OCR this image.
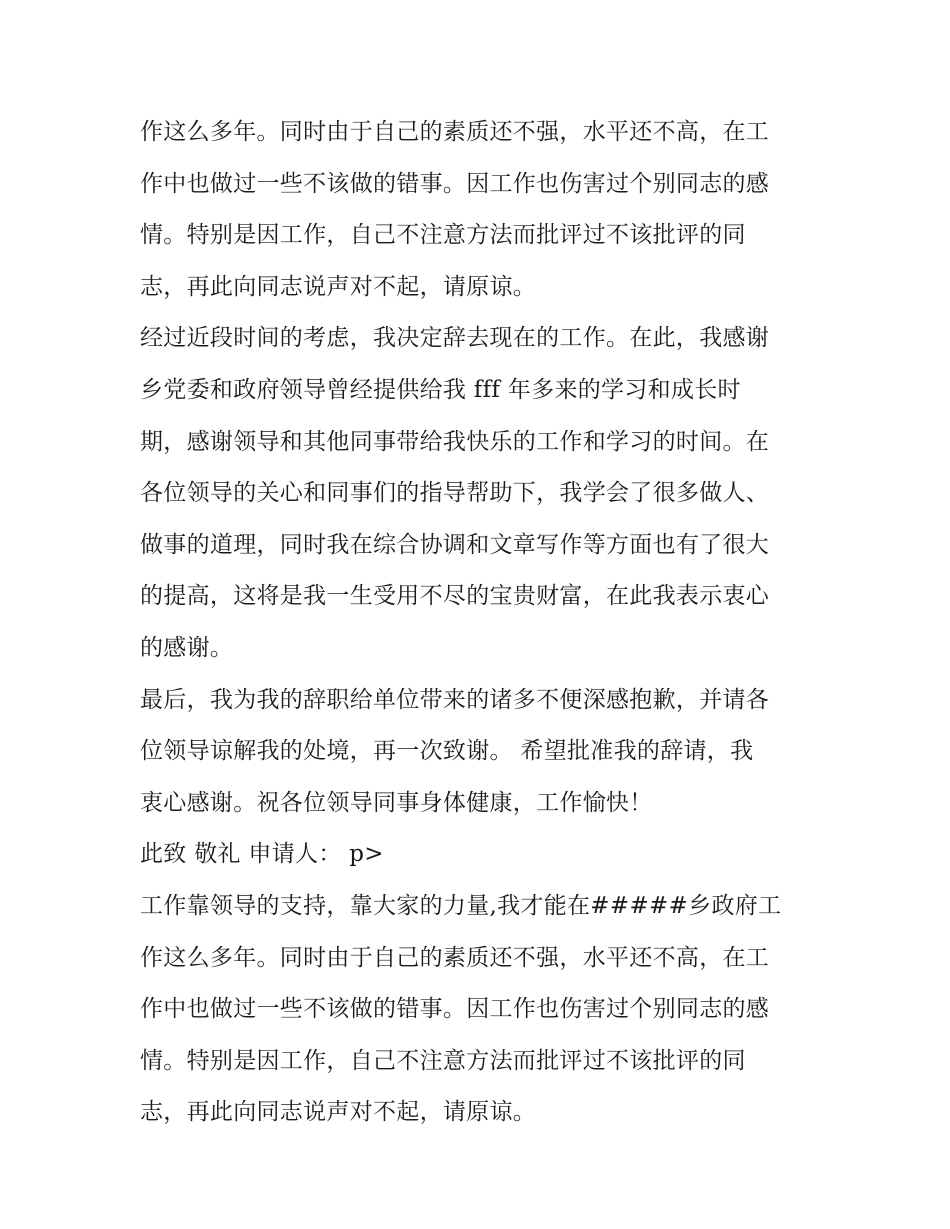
作这么多年。同时由于自己的素质还不强，水平还不高，在工
作中也做过一些不该做的错事。因工作也伤害过个别同志的感
情。特别是因工作，自己不注意方法而批评过不该批评的同
志，再此向同志说声对不起，请原谅。
经过近段时间的考虑，我决定辞去现在的工作。在此，我感谢
乡党委和政府领导曾经提供给我 fff 年多来的学习和成长时
期，感谢领导和其他同事带给我快乐的工作和学习的时间。在
各位领导的关心和同事们的指导帮助下，我学会了很多做人、
做事的道理，同时我在综合协调和文章写作等方面也有了很大
的提高，这将是我一生受用不尽的宝贵财富，在此我表示衷心
的感谢。
最后，我为我的辞职给单位带来的诸多不便深感抱歉，并请各
位领导谅解我的处境，再一次致谢。 希望批准我的辞请，我
衷心感谢。祝各位领导同事身体健康，工作愉快！
此致 敬礼 申请人： p>
工作靠领导的支持，靠大家的力量,我才能在#####乡政府工
作这么多年。同时由于自己的素质还不强，水平还不高，在工
作中也做过一些不该做的错事。因工作也伤害过个别同志的感
情。特别是因工作，自己不注意方法而批评过不该批评的同
志，再此向同志说声对不起，请原谅。
